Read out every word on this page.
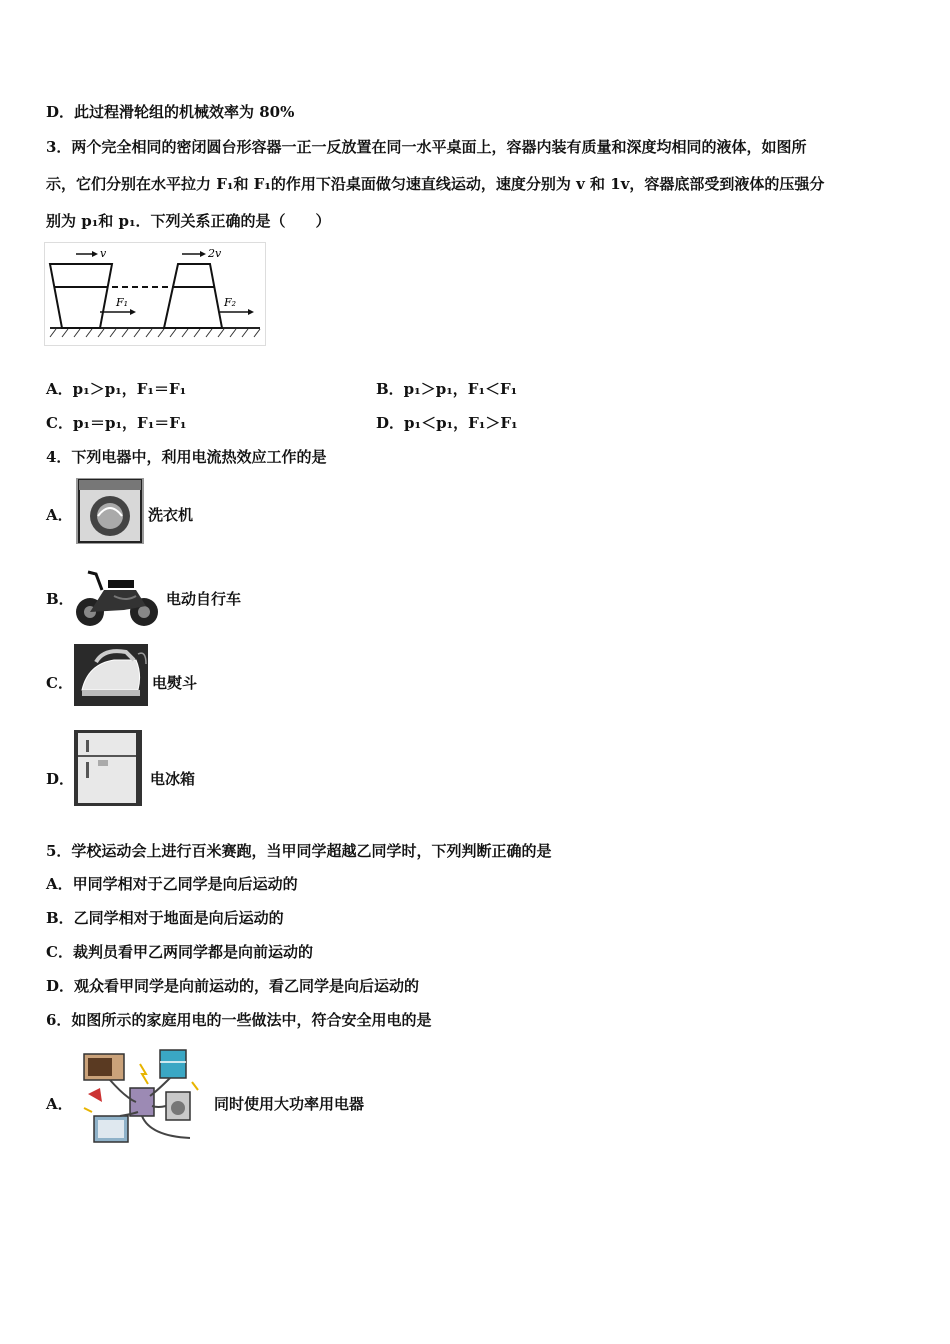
D．此过程滑轮组的机械效率为 80%
3．两个完全相同的密闭圆台形容器一正一反放置在同一水平桌面上，容器内装有质量和深度均相同的液体，如图所
示，它们分别在水平拉力 F₁和 F₁的作用下沿桌面做匀速直线运动，速度分别为 v 和 1v，容器底部受到液体的压强分
别为 p₁和 p₁．下列关系正确的是（　　）
v	2v
F₁	F₂
A．p₁＞p₁，F₁＝F₁	B．p₁＞p₁，F₁＜F₁
C．p₁＝p₁，F₁＝F₁	D．p₁＜p₁，F₁＞F₁
4．下列电器中，利用电流热效应工作的是
A．	洗衣机
B．	电动自行车
C．	电熨斗
D．	电冰箱
5．学校运动会上进行百米赛跑，当甲同学超越乙同学时，下列判断正确的是
A．甲同学相对于乙同学是向后运动的
B．乙同学相对于地面是向后运动的
C．裁判员看甲乙两同学都是向前运动的
D．观众看甲同学是向前运动的，看乙同学是向后运动的
6．如图所示的家庭用电的一些做法中，符合安全用电的是
A．	同时使用大功率用电器
